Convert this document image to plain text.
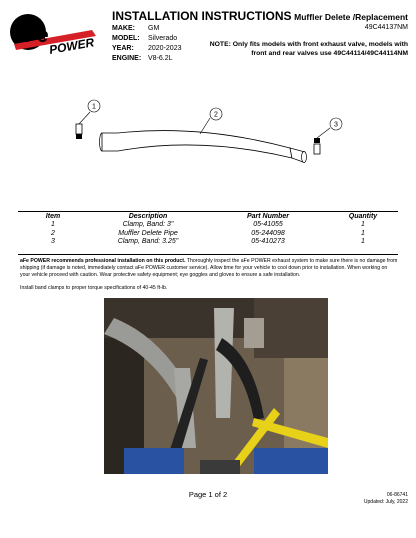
aFe POWER
INSTALLATION INSTRUCTIONS
MAKE:	GM
MODEL:	Silverado
YEAR:	2020-2023
ENGINE: V8-6.2L
Muffler Delete /Replacement
49C44137NM
NOTE: Only fits models with front exhaust valve, models with front and rear valves use 49C44114/49C44114NM
1
2
3
Item	Description	Part Number	Quantity
1	Clamp, Band: 3"	05-41055	1
2	Muffler Delete Pipe	05-244098	1
3	Clamp, Band: 3.25"	05-410273	1
aFe POWER recommends professional installation on this product. Thoroughly inspect the aFe POWER exhaust system to make sure there is no damage from shipping (if damage is noted, immediately contact aFe POWER customer service). Allow time for your vehicle to cool down prior to installation. When working on your vehicle proceed with caution. Wear protective safety equipment; eye goggles and gloves to ensure a safe installation.
Install band clamps to proper torque specifications of 40-45 ft-lb.
Page 1 of 2	06-86741
Updated: July, 2022
